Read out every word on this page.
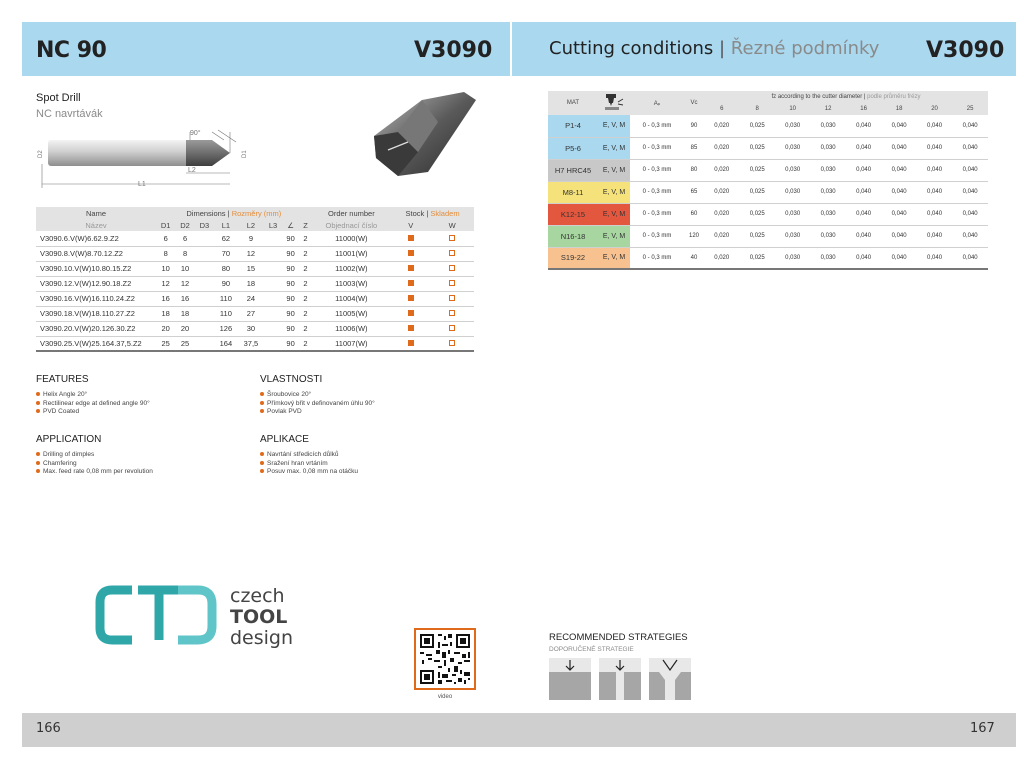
NC 90	V3090
Spot Drill
NC navrtávák
90°
D2	D1
L2
L1
Name	Dimensions | Rozměry (mm)								Order number	Stock | Skladem	
Název	D1	D2	D3	L1	L2	L3	∠	Z	Objednací číslo	V	W
V3090.6.V(W)6.62.9.Z2	6	6		62	9		90	2	11000(W)		
V3090.8.V(W)8.70.12.Z2	8	8		70	12		90	2	11001(W)		
V3090.10.V(W)10.80.15.Z2	10	10		80	15		90	2	11002(W)		
V3090.12.V(W)12.90.18.Z2	12	12		90	18		90	2	11003(W)		
V3090.16.V(W)16.110.24.Z2	16	16		110	24		90	2	11004(W)		
V3090.18.V(W)18.110.27.Z2	18	18		110	27		90	2	11005(W)		
V3090.20.V(W)20.126.30.Z2	20	20		126	30		90	2	11006(W)		
V3090.25.V(W)25.164.37,5.Z2	25	25		164	37,5		90	2	11007(W)		
FEATURES
Helix Angle 20°
Rectilinear edge at defined angle 90°
PVD Coated
VLASTNOSTI
Šroubovice 20°
Přímkový břit v definovaném úhlu 90°
Povlak PVD
APPLICATION
Drilling of dimples
Chamfering
Max. feed rate 0,08 mm per revolution
APLIKACE
Navrtání středicích důlků
Sražení hran vrtáním
Posuv max. 0,08 mm na otáčku
czech
TOOL
design
video
166
Cutting conditions | Řezné podmínky V3090
MAT		Aₚ	Vc	fz according to the cutter diameter | podle průměru frézy							
				6	8	10	12	16	18	20	25
P1-4	E, V, M	0 - 0,3 mm	90	0,020	0,025	0,030	0,030	0,040	0,040	0,040	0,040
P5-6	E, V, M	0 - 0,3 mm	85	0,020	0,025	0,030	0,030	0,040	0,040	0,040	0,040
H7 HRC45	E, V, M	0 - 0,3 mm	80	0,020	0,025	0,030	0,030	0,040	0,040	0,040	0,040
M8-11	E, V, M	0 - 0,3 mm	65	0,020	0,025	0,030	0,030	0,040	0,040	0,040	0,040
K12-15	E, V, M	0 - 0,3 mm	60	0,020	0,025	0,030	0,030	0,040	0,040	0,040	0,040
N16-18	E, V, M	0 - 0,3 mm	120	0,020	0,025	0,030	0,030	0,040	0,040	0,040	0,040
S19-22	E, V, M	0 - 0,3 mm	40	0,020	0,025	0,030	0,030	0,040	0,040	0,040	0,040
RECOMMENDED STRATEGIES
DOPORUČENÉ STRATEGIE
167
